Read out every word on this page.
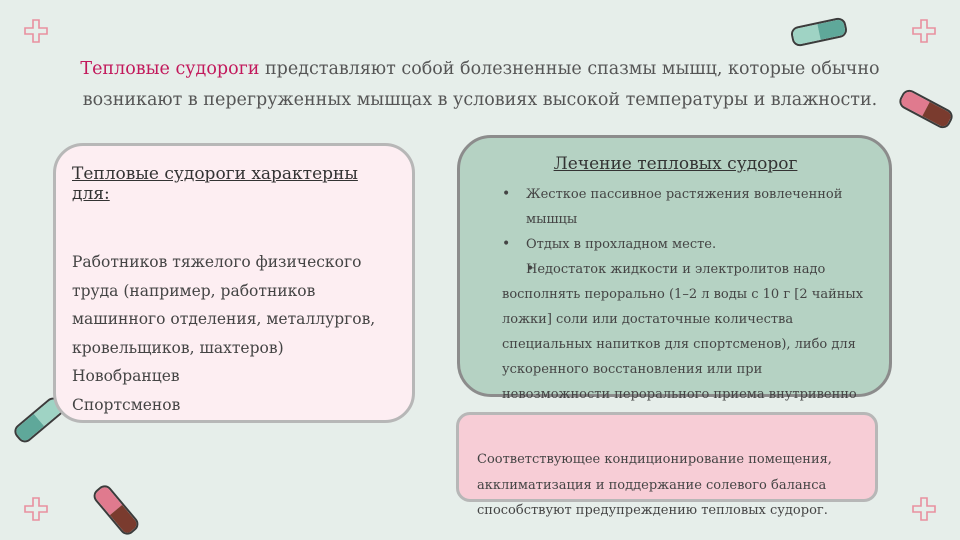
Тепловые судороги представляют собой болезненные спазмы мышц, которые обычно возникают в перегруженных мышцах в условиях высокой температуры и влажности.
Тепловые судороги характерны для:
Работников тяжелого физического труда (например, работников машинного отделения, металлургов, кровельщиков, шахтеров)
Новобранцев
Спортсменов
Лечение тепловых судорог
• Жесткое пассивное растяжения вовлеченной мышцы
• Отдых в прохладном месте.
• Недостаток жидкости и электролитов надо восполнять перорально (1–2 л воды с 10 г [2 чайных ложки] соли или достаточные количества специальных напитков для спортсменов), либо для ускоренного восстановления или при невозможности перорального приема внутривенно
Соответствующее кондиционирование помещения, акклиматизация и поддержание солевого баланса способствуют предупреждению тепловых судорог.
